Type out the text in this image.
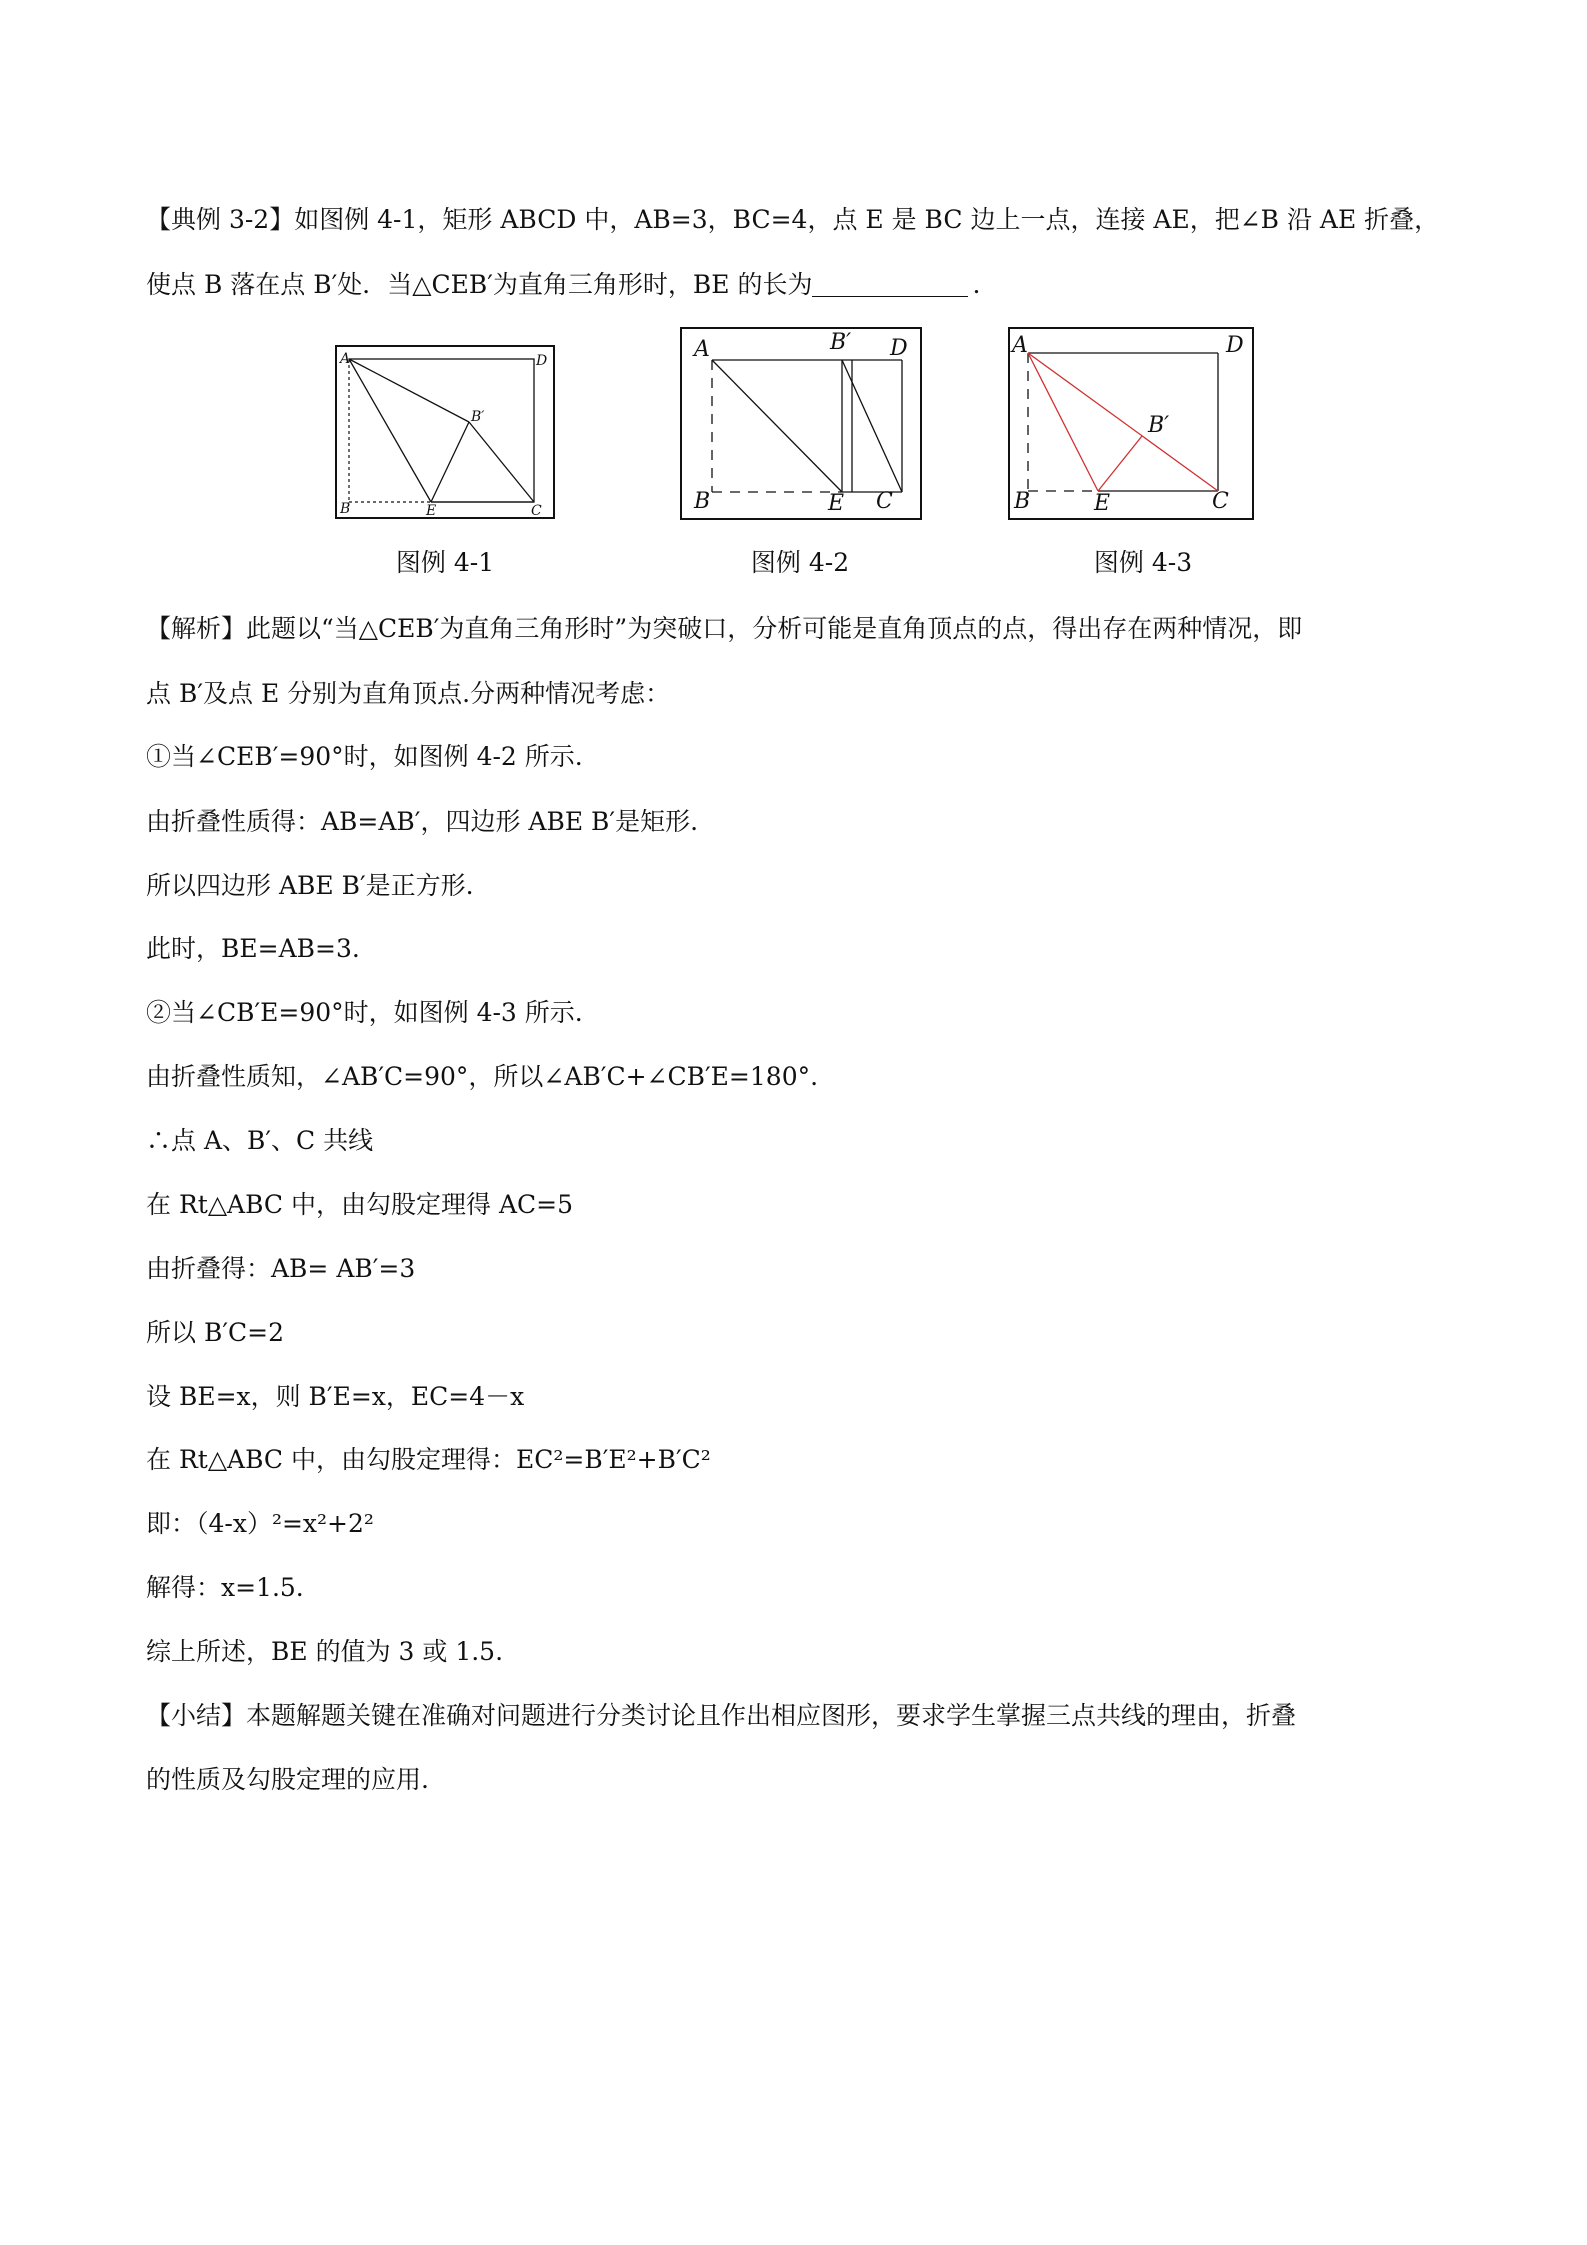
【典例 3-2】如图例 4-1，矩形 ABCD 中，AB=3，BC=4，点 E 是 BC 边上一点，连接 AE，把∠B 沿 AE 折叠，
使点 B 落在点 B′处．当△CEB′为直角三角形时，BE 的长为	.
A	D
B	E	C
B′
图例 4-1
A	B′ D
B	E C
图例 4-2
A	D
B′
B	E	C
图例 4-3
【解析】此题以“当△CEB′为直角三角形时”为突破口，分析可能是直角顶点的点，得出存在两种情况，即
点 B′及点 E 分别为直角顶点.分两种情况考虑：
①当∠CEB′=90°时，如图例 4-2 所示.
由折叠性质得：AB=AB′，四边形 ABE B′是矩形.
所以四边形 ABE B′是正方形.
此时，BE=AB=3.
②当∠CB′E=90°时，如图例 4-3 所示.
由折叠性质知，∠AB′C=90°，所以∠AB′C+∠CB′E=180°.
∴点 A、B′、C 共线
在 Rt△ABC 中，由勾股定理得 AC=5
由折叠得：AB= AB′=3
所以 B′C=2
设 BE=x，则 B′E=x，EC=4－x
在 Rt△ABC 中，由勾股定理得：EC²=B′E²+B′C²
即：（4-x）²=x²+2²
解得：x=1.5.
综上所述，BE 的值为 3 或 1.5.
【小结】本题解题关键在准确对问题进行分类讨论且作出相应图形，要求学生掌握三点共线的理由，折叠
的性质及勾股定理的应用.
